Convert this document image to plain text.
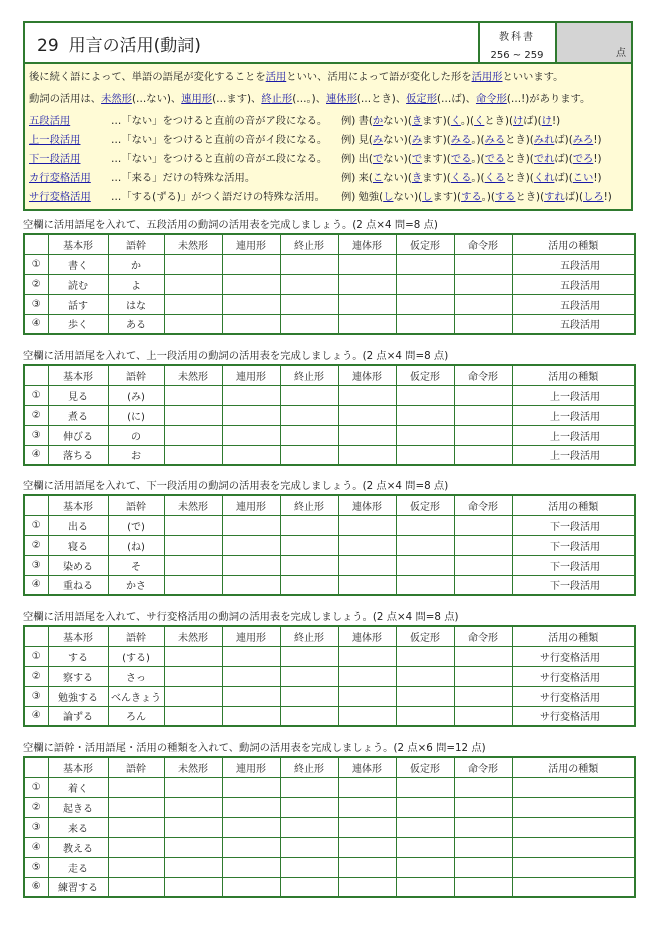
29 用言の活用(動詞)	教科書
256 ~ 259	点
後に続く語によって、単語の語尾が変化することを活用といい、活用によって語が変化した形を活用形といいます。
動詞の活用は、未然形(…ない)、連用形(…ます)、終止形(…。)、連体形(…とき)、仮定形(…ば)、命令形(…!)があります。
五段活用	…「ない」をつけると直前の音がア段になる。 例) 書(かない)(きます)(く。)(くとき)(けば)(け!)
上一段活用	…「ない」をつけると直前の音がイ段になる。 例) 見(みない)(みます)(みる。)(みるとき)(みれば)(みろ!)
下一段活用	…「ない」をつけると直前の音がエ段になる。 例) 出(でない)(でます)(でる。)(でるとき)(でれば)(でろ!)
カ行変格活用 …「来る」だけの特殊な活用。	例) 来(こない)(きます)(くる。)(くるとき)(くれば)(こい!)
サ行変格活用 …「する(ずる)」がつく語だけの特殊な活用。 例) 勉強(しない)(します)(する。)(するとき)(すれば)(しろ!)
空欄に活用語尾を入れて、五段活用の動詞の活用表を完成しましょう。(2 点×4 問=8 点)
	基本形	語幹	未然形	連用形	終止形	連体形	仮定形	命令形	活用の種類
①	書く	か							五段活用
②	読む	よ							五段活用
③	話す	はな							五段活用
④	歩く	ある							五段活用
空欄に活用語尾を入れて、上一段活用の動詞の活用表を完成しましょう。(2 点×4 問=8 点)
	基本形	語幹	未然形	連用形	終止形	連体形	仮定形	命令形	活用の種類
①	見る	(み)							上一段活用
②	煮る	(に)							上一段活用
③	伸びる	の							上一段活用
④	落ちる	お							上一段活用
空欄に活用語尾を入れて、下一段活用の動詞の活用表を完成しましょう。(2 点×4 問=8 点)
	基本形	語幹	未然形	連用形	終止形	連体形	仮定形	命令形	活用の種類
①	出る	(で)							下一段活用
②	寝る	(ね)							下一段活用
③	染める	そ							下一段活用
④	重ねる	かさ							下一段活用
空欄に活用語尾を入れて、サ行変格活用の動詞の活用表を完成しましょう。(2 点×4 問=8 点)
	基本形	語幹	未然形	連用形	終止形	連体形	仮定形	命令形	活用の種類
①	する	(する)							サ行変格活用
②	察する	さっ							サ行変格活用
③	勉強する	べんきょう							サ行変格活用
④	論ずる	ろん							サ行変格活用
空欄に語幹・活用語尾・活用の種類を入れて、動詞の活用表を完成しましょう。(2 点×6 問=12 点)
	基本形	語幹	未然形	連用形	終止形	連体形	仮定形	命令形	活用の種類
①	着く								
②	起きる								
③	来る								
④	教える								
⑤	走る								
⑥	練習する								
